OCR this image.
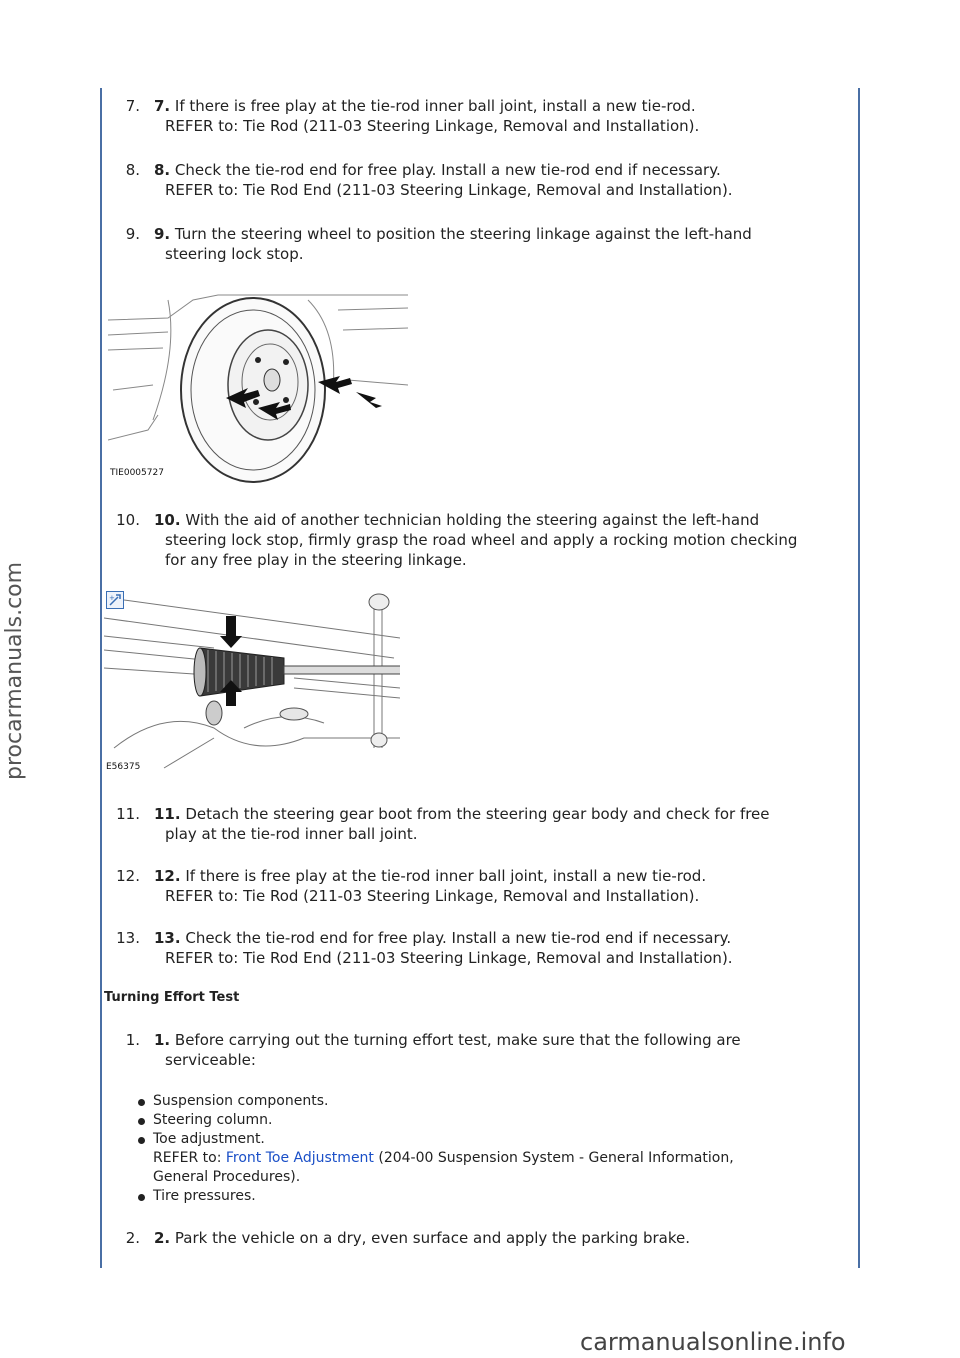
procarmanuals.com
7. 7. If there is free play at the tie-rod inner ball joint, install a new tie-rod.
REFER to: Tie Rod (211-03 Steering Linkage, Removal and Installation).
8. 8. Check the tie-rod end for free play. Install a new tie-rod end if necessary.
REFER to: Tie Rod End (211-03 Steering Linkage, Removal and Installation).
9. 9. Turn the steering wheel to position the steering linkage against the left-hand
steering lock stop.
TIE0005727
10. 10. With the aid of another technician holding the steering against the left-hand
steering lock stop, firmly grasp the road wheel and apply a rocking motion checking
for any free play in the steering linkage.
+
E56375
11. 11. Detach the steering gear boot from the steering gear body and check for free
play at the tie-rod inner ball joint.
12. 12. If there is free play at the tie-rod inner ball joint, install a new tie-rod.
REFER to: Tie Rod (211-03 Steering Linkage, Removal and Installation).
13. 13. Check the tie-rod end for free play. Install a new tie-rod end if necessary.
REFER to: Tie Rod End (211-03 Steering Linkage, Removal and Installation).
Turning Effort Test
1. 1. Before carrying out the turning effort test, make sure that the following are
serviceable:
Suspension components.
Steering column.
Toe adjustment.
REFER to: Front Toe Adjustment (204-00 Suspension System - General Information,
General Procedures).
Tire pressures.
2. 2. Park the vehicle on a dry, even surface and apply the parking brake.
carmanualsonline.info
